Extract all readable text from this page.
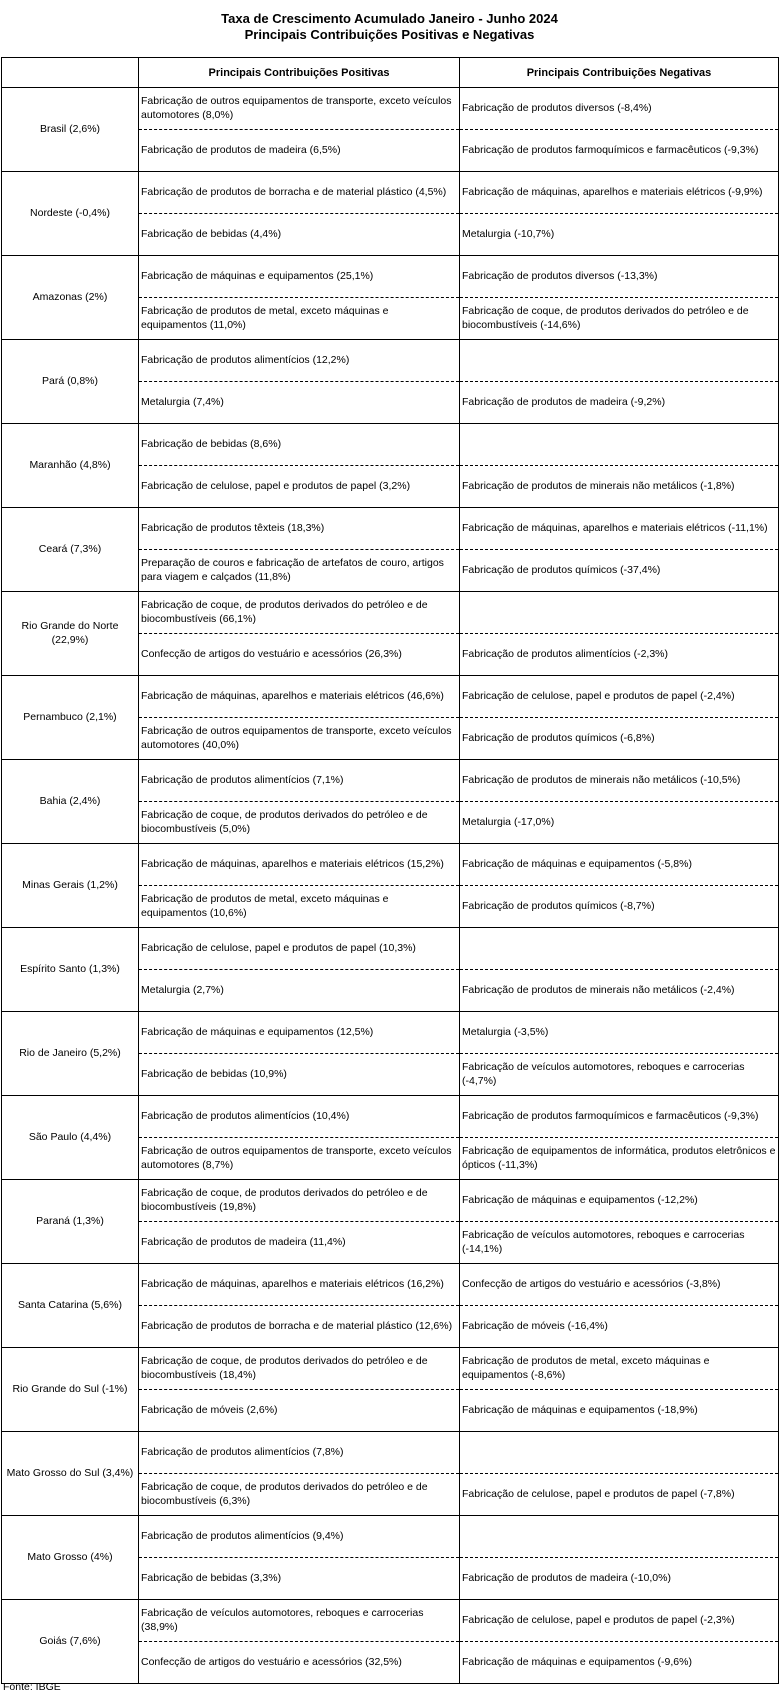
Taxa de Crescimento Acumulado Janeiro - Junho 2024
Principais Contribuições Positivas e Negativas
	Principais Contribuições Positivas	Principais Contribuições Negativas
Brasil (2,6%)	Fabricação de outros equipamentos de transporte, exceto veículos automotores (8,0%)	Fabricação de produtos diversos (-8,4%)
	Fabricação de produtos de madeira (6,5%)	Fabricação de produtos farmoquímicos e farmacêuticos (-9,3%)
Nordeste (-0,4%)	Fabricação de produtos de borracha e de material plástico (4,5%)	Fabricação de máquinas, aparelhos e materiais elétricos (-9,9%)
	Fabricação de bebidas (4,4%)	Metalurgia (-10,7%)
Amazonas (2%)	Fabricação de máquinas e equipamentos (25,1%)	Fabricação de produtos diversos (-13,3%)
	Fabricação de produtos de metal, exceto máquinas e equipamentos (11,0%)	Fabricação de coque, de produtos derivados do petróleo e de biocombustíveis (-14,6%)
Pará (0,8%)	Fabricação de produtos alimentícios (12,2%)	
	Metalurgia (7,4%)	Fabricação de produtos de madeira (-9,2%)
Maranhão (4,8%)	Fabricação de bebidas (8,6%)	
	Fabricação de celulose, papel e produtos de papel (3,2%)	Fabricação de produtos de minerais não metálicos (-1,8%)
Ceará (7,3%)	Fabricação de produtos têxteis (18,3%)	Fabricação de máquinas, aparelhos e materiais elétricos (-11,1%)
	Preparação de couros e fabricação de artefatos de couro, artigos para viagem e calçados (11,8%)	Fabricação de produtos químicos (-37,4%)
Rio Grande do Norte (22,9%)	Fabricação de coque, de produtos derivados do petróleo e de biocombustíveis (66,1%)	
	Confecção de artigos do vestuário e acessórios (26,3%)	Fabricação de produtos alimentícios (-2,3%)
Pernambuco (2,1%)	Fabricação de máquinas, aparelhos e materiais elétricos (46,6%)	Fabricação de celulose, papel e produtos de papel (-2,4%)
	Fabricação de outros equipamentos de transporte, exceto veículos automotores (40,0%)	Fabricação de produtos químicos (-6,8%)
Bahia (2,4%)	Fabricação de produtos alimentícios (7,1%)	Fabricação de produtos de minerais não metálicos (-10,5%)
	Fabricação de coque, de produtos derivados do petróleo e de biocombustíveis (5,0%)	Metalurgia (-17,0%)
Minas Gerais (1,2%)	Fabricação de máquinas, aparelhos e materiais elétricos (15,2%)	Fabricação de máquinas e equipamentos (-5,8%)
	Fabricação de produtos de metal, exceto máquinas e equipamentos (10,6%)	Fabricação de produtos químicos (-8,7%)
Espírito Santo (1,3%)	Fabricação de celulose, papel e produtos de papel (10,3%)	
	Metalurgia (2,7%)	Fabricação de produtos de minerais não metálicos (-2,4%)
Rio de Janeiro (5,2%)	Fabricação de máquinas e equipamentos (12,5%)	Metalurgia (-3,5%)
	Fabricação de bebidas (10,9%)	Fabricação de veículos automotores, reboques e carrocerias (-4,7%)
São Paulo (4,4%)	Fabricação de produtos alimentícios (10,4%)	Fabricação de produtos farmoquímicos e farmacêuticos (-9,3%)
	Fabricação de outros equipamentos de transporte, exceto veículos automotores (8,7%)	Fabricação de equipamentos de informática, produtos eletrônicos e ópticos (-11,3%)
Paraná (1,3%)	Fabricação de coque, de produtos derivados do petróleo e de biocombustíveis (19,8%)	Fabricação de máquinas e equipamentos (-12,2%)
	Fabricação de produtos de madeira (11,4%)	Fabricação de veículos automotores, reboques e carrocerias (-14,1%)
Santa Catarina (5,6%)	Fabricação de máquinas, aparelhos e materiais elétricos (16,2%)	Confecção de artigos do vestuário e acessórios (-3,8%)
	Fabricação de produtos de borracha e de material plástico (12,6%)	Fabricação de móveis (-16,4%)
Rio Grande do Sul (-1%)	Fabricação de coque, de produtos derivados do petróleo e de biocombustíveis (18,4%)	Fabricação de produtos de metal, exceto máquinas e equipamentos (-8,6%)
	Fabricação de móveis (2,6%)	Fabricação de máquinas e equipamentos (-18,9%)
Mato Grosso do Sul (3,4%)	Fabricação de produtos alimentícios (7,8%)	
	Fabricação de coque, de produtos derivados do petróleo e de biocombustíveis (6,3%)	Fabricação de celulose, papel e produtos de papel (-7,8%)
Mato Grosso (4%)	Fabricação de produtos alimentícios (9,4%)	
	Fabricação de bebidas (3,3%)	Fabricação de produtos de madeira (-10,0%)
Goiás (7,6%)	Fabricação de veículos automotores, reboques e carrocerias (38,9%)	Fabricação de celulose, papel e produtos de papel (-2,3%)
	Confecção de artigos do vestuário e acessórios (32,5%)	Fabricação de máquinas e equipamentos (-9,6%)
Fonte: IBGE
